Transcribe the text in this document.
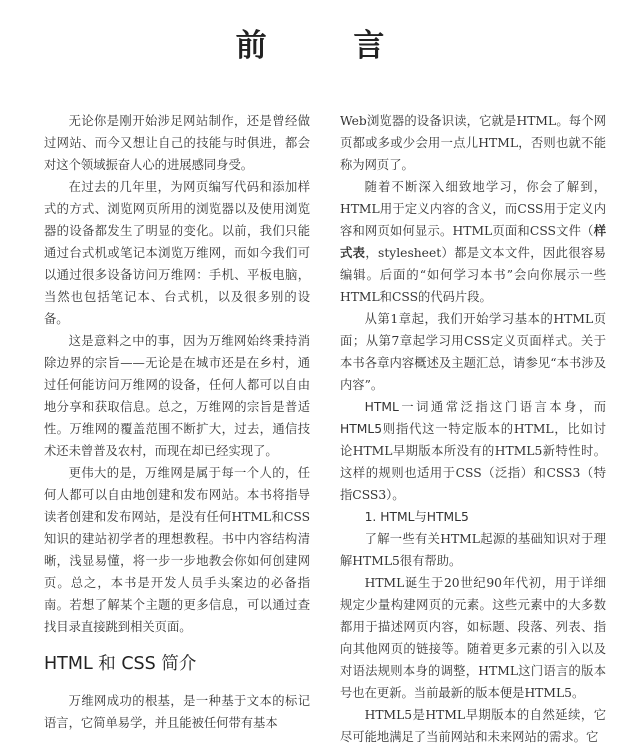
前 言

无论你是刚开始涉足网站制作，还是曾经做过网站、而今又想让自己的技能与时俱进，都会对这个领域振奋人心的进展感同身受。

在过去的几年里，为网页编写代码和添加样式的方式、浏览网页所用的浏览器以及使用浏览器的设备都发生了明显的变化。以前，我们只能通过台式机或笔记本浏览万维网，而如今我们可以通过很多设备访问万维网：手机、平板电脑，当然也包括笔记本、台式机，以及很多别的设备。

这是意料之中的事，因为万维网始终秉持消除边界的宗旨——无论是在城市还是在乡村，通过任何能访问万维网的设备，任何人都可以自由地分享和获取信息。总之，万维网的宗旨是普适性。万维网的覆盖范围不断扩大，过去，通信技术还未曾普及农村，而现在却已经实现了。

更伟大的是，万维网是属于每一个人的，任何人都可以自由地创建和发布网站。本书将指导读者创建和发布网站，是没有任何HTML和CSS知识的建站初学者的理想教程。书中内容结构清晰，浅显易懂，将一步一步地教会你如何创建网页。总之，本书是开发人员手头案边的必备指南。若想了解某个主题的更多信息，可以通过查找目录直接跳到相关页面。

HTML 和 CSS 简介

万维网成功的根基，是一种基于文本的标记语言，它简单易学，并且能被任何带有基本

Web浏览器的设备识读，它就是HTML。每个网页都或多或少会用一点儿HTML，否则也就不能称为网页了。

随着不断深入细致地学习，你会了解到，HTML用于定义内容的含义，而CSS用于定义内容和网页如何显示。HTML页面和CSS文件（样式表，stylesheet）都是文本文件，因此很容易编辑。后面的“如何学习本书”会向你展示一些HTML和CSS的代码片段。

从第1章起，我们开始学习基本的HTML页面；从第7章起学习用CSS定义页面样式。关于本书各章内容概述及主题汇总，请参见“本书涉及内容”。

HTML一词通常泛指这门语言本身，而HTML5则指代这一特定版本的HTML，比如讨论HTML早期版本所没有的HTML5新特性时。这样的规则也适用于CSS（泛指）和CSS3（特指CSS3）。

1. HTML与HTML5

了解一些有关HTML起源的基础知识对于理解HTML5很有帮助。

HTML诞生于20世纪90年代初，用于详细规定少量构建网页的元素。这些元素中的大多数都用于描述网页内容，如标题、段落、列表、指向其他网页的链接等。随着更多元素的引入以及对语法规则本身的调整，HTML这门语言的版本号也在更新。当前最新的版本便是HTML5。

HTML5是HTML早期版本的自然延续，它尽可能地满足了当前网站和未来网站的需求。它
